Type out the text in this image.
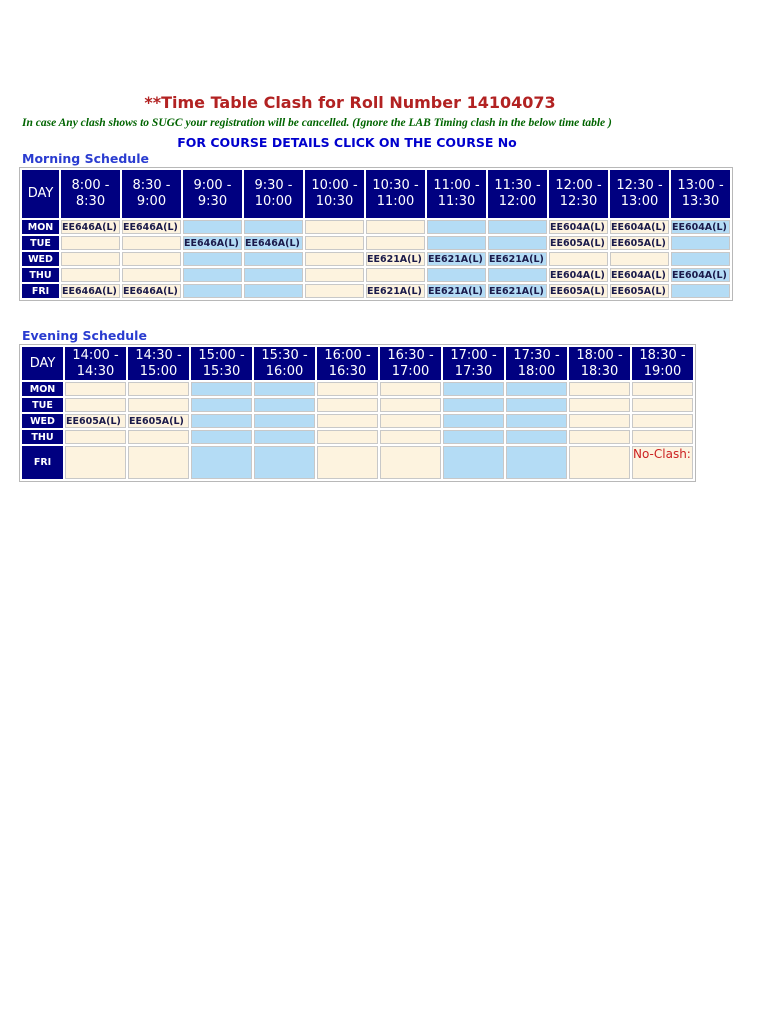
**Time Table Clash for Roll Number 14104073
In case Any clash shows to SUGC your registration will be cancelled. (Ignore the LAB Timing clash in the below time table )
FOR COURSE DETAILS CLICK ON THE COURSE No
Morning Schedule
DAY	8:00 - 8:30	8:30 - 9:00	9:00 - 9:30	9:30 - 10:00	10:00 - 10:30	10:30 - 11:00	11:00 - 11:30	11:30 - 12:00	12:00 - 12:30	12:30 - 13:00	13:00 - 13:30
MON	EE646A(L)	EE646A(L)							EE604A(L)	EE604A(L)	EE604A(L)
TUE			EE646A(L)	EE646A(L)					EE605A(L)	EE605A(L)	
WED						EE621A(L)	EE621A(L)	EE621A(L)			
THU									EE604A(L)	EE604A(L)	EE604A(L)
FRI	EE646A(L)	EE646A(L)				EE621A(L)	EE621A(L)	EE621A(L)	EE605A(L)	EE605A(L)	
Evening Schedule
DAY	14:00 - 14:30	14:30 - 15:00	15:00 - 15:30	15:30 - 16:00	16:00 - 16:30	16:30 - 17:00	17:00 - 17:30	17:30 - 18:00	18:00 - 18:30	18:30 - 19:00
MON										
TUE										
WED	EE605A(L)	EE605A(L)								
THU										
FRI										No-Clash:
